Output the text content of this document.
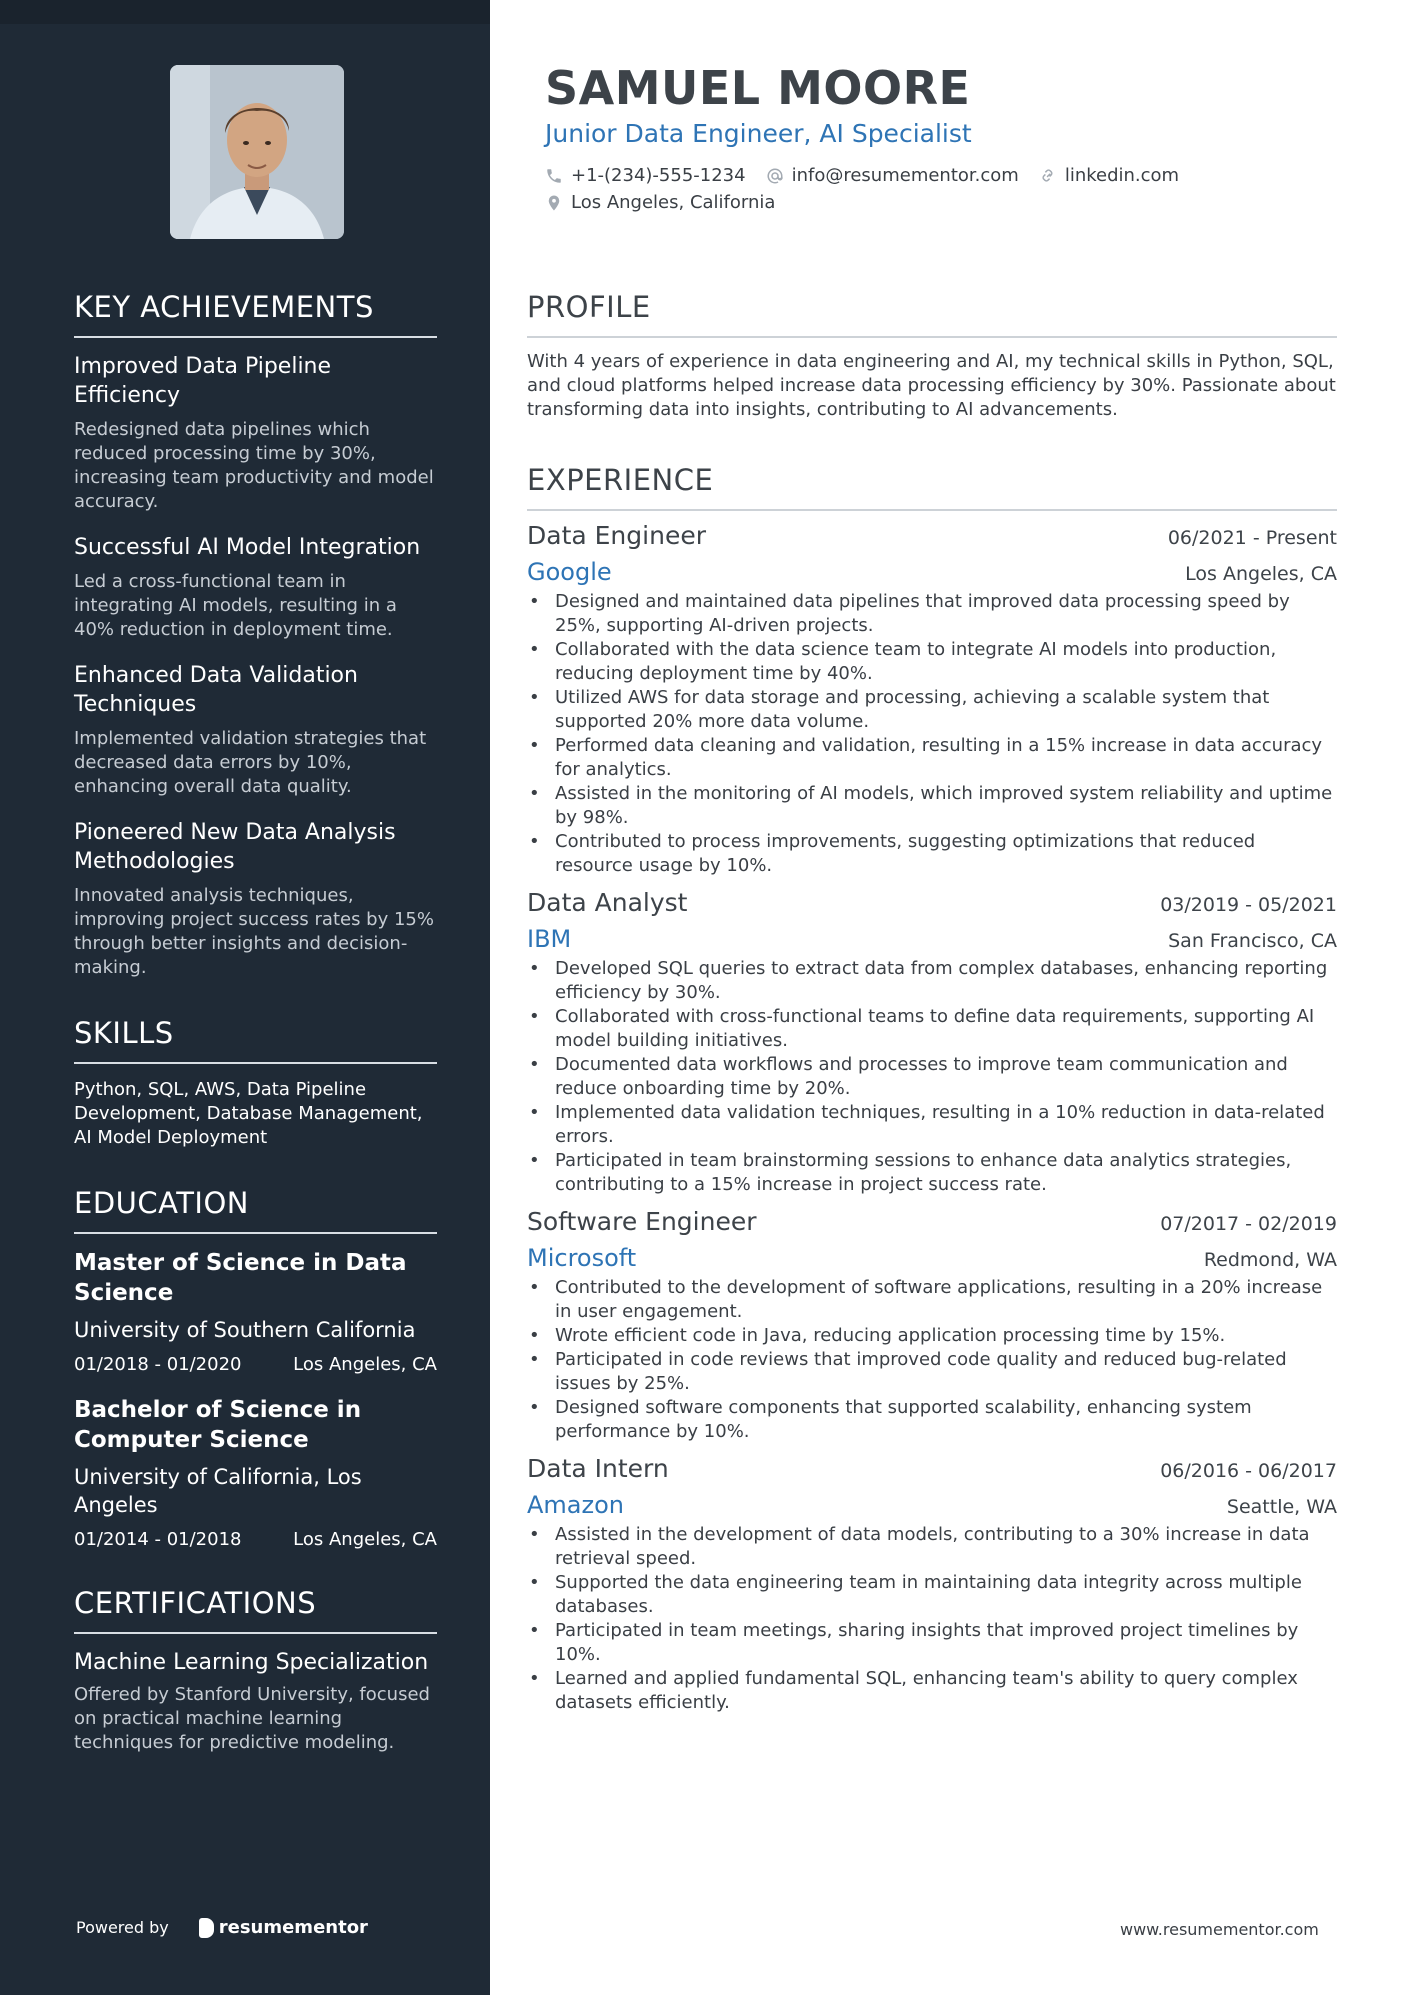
KEY ACHIEVEMENTS
Improved Data Pipeline Efficiency
Redesigned data pipelines which reduced processing time by 30%, increasing team productivity and model accuracy.
Successful AI Model Integration
Led a cross-functional team in integrating AI models, resulting in a 40% reduction in deployment time.
Enhanced Data Validation Techniques
Implemented validation strategies that decreased data errors by 10%, enhancing overall data quality.
Pioneered New Data Analysis Methodologies
Innovated analysis techniques, improving project success rates by 15% through better insights and decision-making.
SKILLS
Python, SQL, AWS, Data Pipeline Development, Database Management, AI Model Deployment
EDUCATION
Master of Science in Data Science
University of Southern California
01/2018 - 01/2020	Los Angeles, CA
Bachelor of Science in Computer Science
University of California, Los Angeles
01/2014 - 01/2018	Los Angeles, CA
CERTIFICATIONS
Machine Learning Specialization
Offered by Stanford University, focused on practical machine learning techniques for predictive modeling.
Powered by	resumementor
SAMUEL MOORE
Junior Data Engineer, AI Specialist
+1-(234)-555-1234	info@resumementor.com	linkedin.com
Los Angeles, California
PROFILE
With 4 years of experience in data engineering and AI, my technical skills in Python, SQL, and cloud platforms helped increase data processing efficiency by 30%. Passionate about transforming data into insights, contributing to AI advancements.
EXPERIENCE
Data Engineer	06/2021 - Present
Google	Los Angeles, CA
• Designed and maintained data pipelines that improved data processing speed by 25%, supporting AI-driven projects.
• Collaborated with the data science team to integrate AI models into production, reducing deployment time by 40%.
• Utilized AWS for data storage and processing, achieving a scalable system that supported 20% more data volume.
• Performed data cleaning and validation, resulting in a 15% increase in data accuracy for analytics.
• Assisted in the monitoring of AI models, which improved system reliability and uptime by 98%.
• Contributed to process improvements, suggesting optimizations that reduced resource usage by 10%.
Data Analyst	03/2019 - 05/2021
IBM	San Francisco, CA
• Developed SQL queries to extract data from complex databases, enhancing reporting efficiency by 30%.
• Collaborated with cross-functional teams to define data requirements, supporting AI model building initiatives.
• Documented data workflows and processes to improve team communication and reduce onboarding time by 20%.
• Implemented data validation techniques, resulting in a 10% reduction in data-related errors.
• Participated in team brainstorming sessions to enhance data analytics strategies, contributing to a 15% increase in project success rate.
Software Engineer	07/2017 - 02/2019
Microsoft	Redmond, WA
• Contributed to the development of software applications, resulting in a 20% increase in user engagement.
• Wrote efficient code in Java, reducing application processing time by 15%.
• Participated in code reviews that improved code quality and reduced bug-related issues by 25%.
• Designed software components that supported scalability, enhancing system performance by 10%.
Data Intern	06/2016 - 06/2017
Amazon	Seattle, WA
• Assisted in the development of data models, contributing to a 30% increase in data retrieval speed.
• Supported the data engineering team in maintaining data integrity across multiple databases.
• Participated in team meetings, sharing insights that improved project timelines by 10%.
• Learned and applied fundamental SQL, enhancing team's ability to query complex datasets efficiently.
www.resumementor.com
